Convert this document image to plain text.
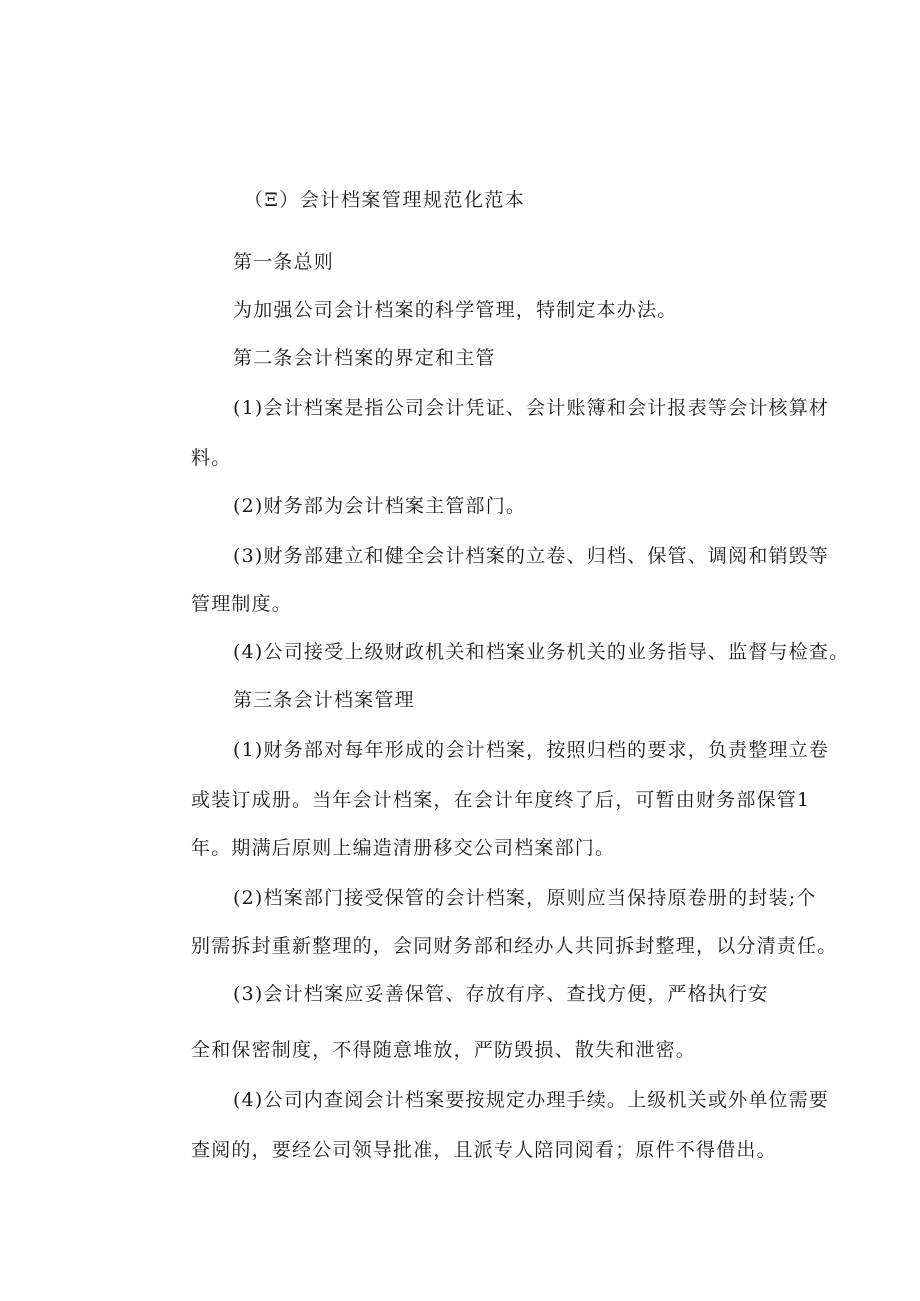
（Ξ）会计档案管理规范化范本
第一条总则
为加强公司会计档案的科学管理，特制定本办法。
第二条会计档案的界定和主管
(1)会计档案是指公司会计凭证、会计账簿和会计报表等会计核算材
料。
(2)财务部为会计档案主管部门。
(3)财务部建立和健全会计档案的立卷、归档、保管、调阅和销毁等
管理制度。
(4)公司接受上级财政机关和档案业务机关的业务指导、监督与检查。
第三条会计档案管理
(1)财务部对每年形成的会计档案，按照归档的要求，负责整理立卷
或装订成册。当年会计档案，在会计年度终了后，可暂由财务部保管1
年。期满后原则上编造清册移交公司档案部门。
(2)档案部门接受保管的会计档案，原则应当保持原卷册的封装;个
别需拆封重新整理的，会同财务部和经办人共同拆封整理，以分清责任。
(3)会计档案应妥善保管、存放有序、查找方便，严格执行安
全和保密制度，不得随意堆放，严防毁损、散失和泄密。
(4)公司内查阅会计档案要按规定办理手续。上级机关或外单位需要
查阅的，要经公司领导批准，且派专人陪同阅看；原件不得借出。
